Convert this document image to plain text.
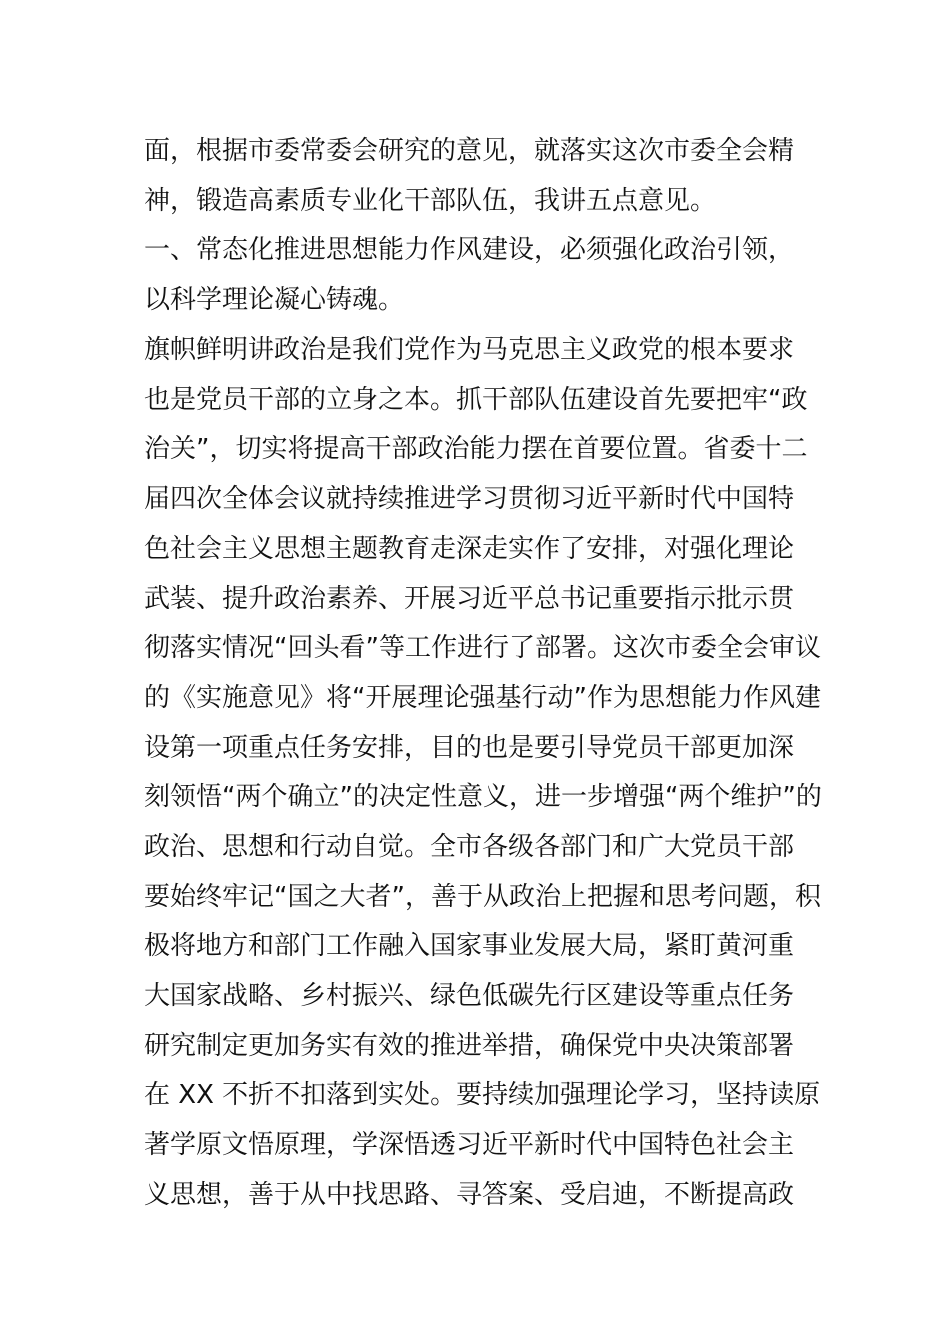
面，根据市委常委会研究的意见，就落实这次市委全会精
神，锻造高素质专业化干部队伍，我讲五点意见。
一、常态化推进思想能力作风建设，必须强化政治引领，
以科学理论凝心铸魂。
旗帜鲜明讲政治是我们党作为马克思主义政党的根本要求
也是党员干部的立身之本。抓干部队伍建设首先要把牢“政
治关”，切实将提高干部政治能力摆在首要位置。省委十二
届四次全体会议就持续推进学习贯彻习近平新时代中国特
色社会主义思想主题教育走深走实作了安排，对强化理论
武装、提升政治素养、开展习近平总书记重要指示批示贯
彻落实情况“回头看”等工作进行了部署。这次市委全会审议
的《实施意见》将“开展理论强基行动”作为思想能力作风建
设第一项重点任务安排，目的也是要引导党员干部更加深
刻领悟“两个确立”的决定性意义，进一步增强“两个维护”的
政治、思想和行动自觉。全市各级各部门和广大党员干部
要始终牢记“国之大者”，善于从政治上把握和思考问题，积
极将地方和部门工作融入国家事业发展大局，紧盯黄河重
大国家战略、乡村振兴、绿色低碳先行区建设等重点任务
研究制定更加务实有效的推进举措，确保党中央决策部署
在 XX 不折不扣落到实处。要持续加强理论学习，坚持读原
著学原文悟原理，学深悟透习近平新时代中国特色社会主
义思想，善于从中找思路、寻答案、受启迪，不断提高政
